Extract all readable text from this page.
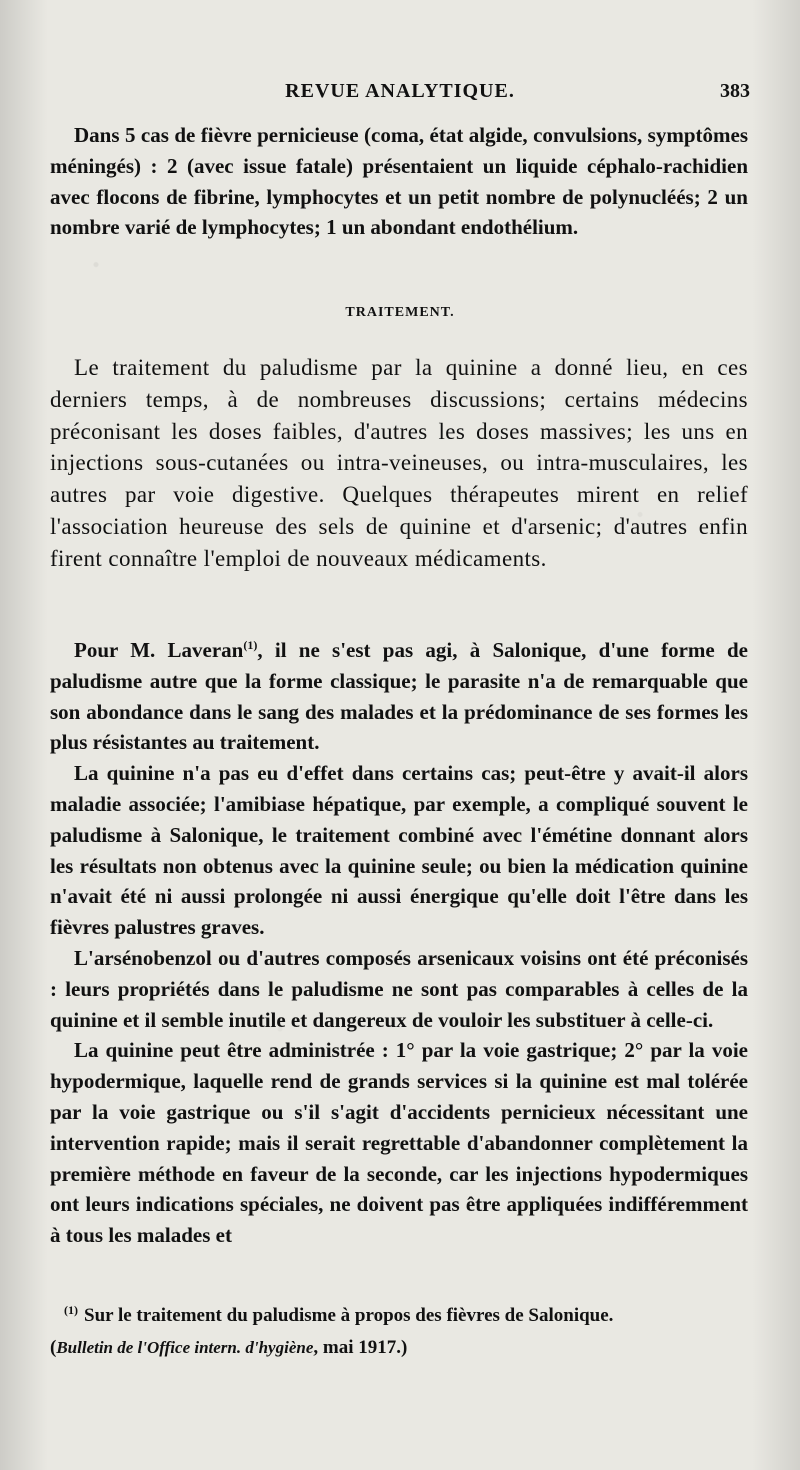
REVUE ANALYTIQUE.	383

Dans 5 cas de fièvre pernicieuse (coma, état algide, convulsions, symptômes méningés) : 2 (avec issue fatale) présentaient un liquide céphalo-rachidien avec flocons de fibrine, lymphocytes et un petit nombre de polynucléés; 2 un nombre varié de lymphocytes; 1 un abondant endothélium.

TRAITEMENT.

Le traitement du paludisme par la quinine a donné lieu, en ces derniers temps, à de nombreuses discussions; certains médecins préconisant les doses faibles, d'autres les doses massives; les uns en injections sous-cutanées ou intra-veineuses, ou intra-musculaires, les autres par voie digestive. Quelques thérapeutes mirent en relief l'association heureuse des sels de quinine et d'arsenic; d'autres enfin firent connaître l'emploi de nouveaux médicaments.

Pour M. Laveran$^{(1)}$, il ne s'est pas agi, à Salonique, d'une forme de paludisme autre que la forme classique; le parasite n'a de remarquable que son abondance dans le sang des malades et la prédominance de ses formes les plus résistantes au traitement.

La quinine n'a pas eu d'effet dans certains cas; peut-être y avait-il alors maladie associée; l'amibiase hépatique, par exemple, a compliqué souvent le paludisme à Salonique, le traitement combiné avec l'émétine donnant alors les résultats non obtenus avec la quinine seule; ou bien la médication quinine n'avait été ni aussi prolongée ni aussi énergique qu'elle doit l'être dans les fièvres palustres graves.

L'arsénobenzol ou d'autres composés arsenicaux voisins ont été préconisés : leurs propriétés dans le paludisme ne sont pas comparables à celles de la quinine et il semble inutile et dangereux de vouloir les substituer à celle-ci.

La quinine peut être administrée : 1° par la voie gastrique; 2° par la voie hypodermique, laquelle rend de grands services si la quinine est mal tolérée par la voie gastrique ou s'il s'agit d'accidents pernicieux nécessitant une intervention rapide; mais il serait regrettable d'abandonner complètement la première méthode en faveur de la seconde, car les injections hypodermiques ont leurs indications spéciales, ne doivent pas être appliquées indifféremment à tous les malades et

$^{(1)}$ Sur le traitement du paludisme à propos des fièvres de Salonique.
(Bulletin de l'Office intern. d'hygiène, mai 1917.)
